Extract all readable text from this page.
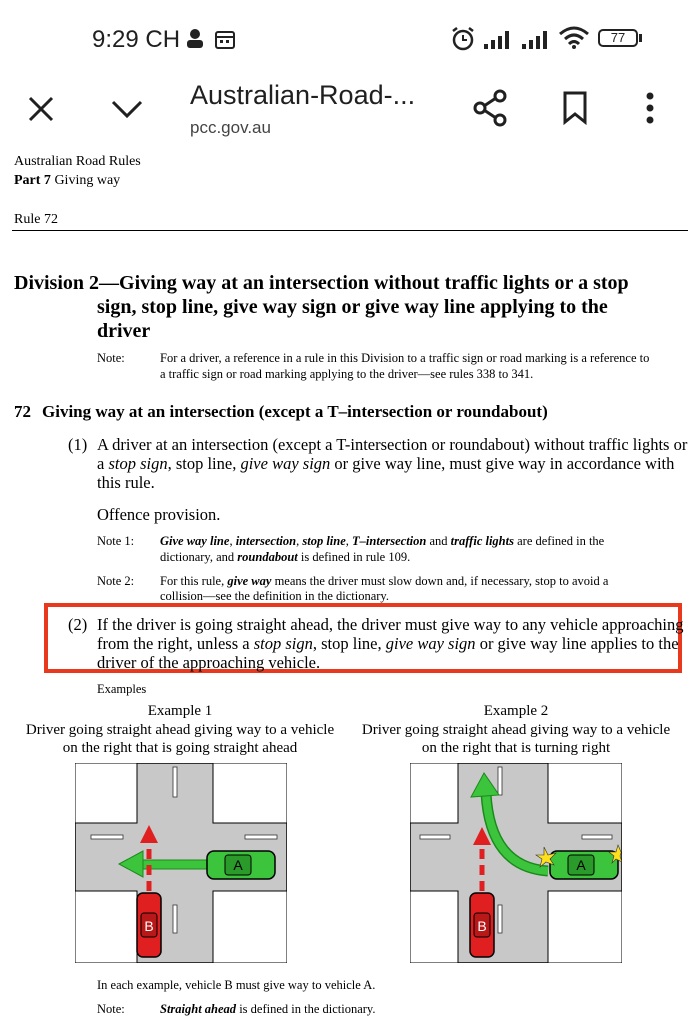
9:29 CH	77
Australian-Road-...
pcc.gov.au
Australian Road Rules
Part 7 Giving way
Rule 72
Division 2—Giving way at an intersection without traffic lights or a stop
sign, stop line, give way sign or give way line applying to the
driver
Note:	For a driver, a reference in a rule in this Division to a traffic sign or road marking is a reference to
a traffic sign or road marking applying to the driver—see rules 338 to 341.
72 Giving way at an intersection (except a T–intersection or roundabout)
(1) A driver at an intersection (except a T-intersection or roundabout) without traffic lights or
a stop sign, stop line, give way sign or give way line, must give way in accordance with
this rule.
Offence provision.
Note 1: Give way line, intersection, stop line, T–intersection and traffic lights are defined in the
dictionary, and roundabout is defined in rule 109.
Note 2: For this rule, give way means the driver must slow down and, if necessary, stop to avoid a
collision—see the definition in the dictionary.
(2) If the driver is going straight ahead, the driver must give way to any vehicle approaching
from the right, unless a stop sign, stop line, give way sign or give way line applies to the
driver of the approaching vehicle.
Examples
Example 1
Driver going straight ahead giving way to a vehicle
on the right that is going straight ahead
Example 2
Driver going straight ahead giving way to a vehicle
on the right that is turning right
A
B
A
B
In each example, vehicle B must give way to vehicle A.
Note:	Straight ahead is defined in the dictionary.
